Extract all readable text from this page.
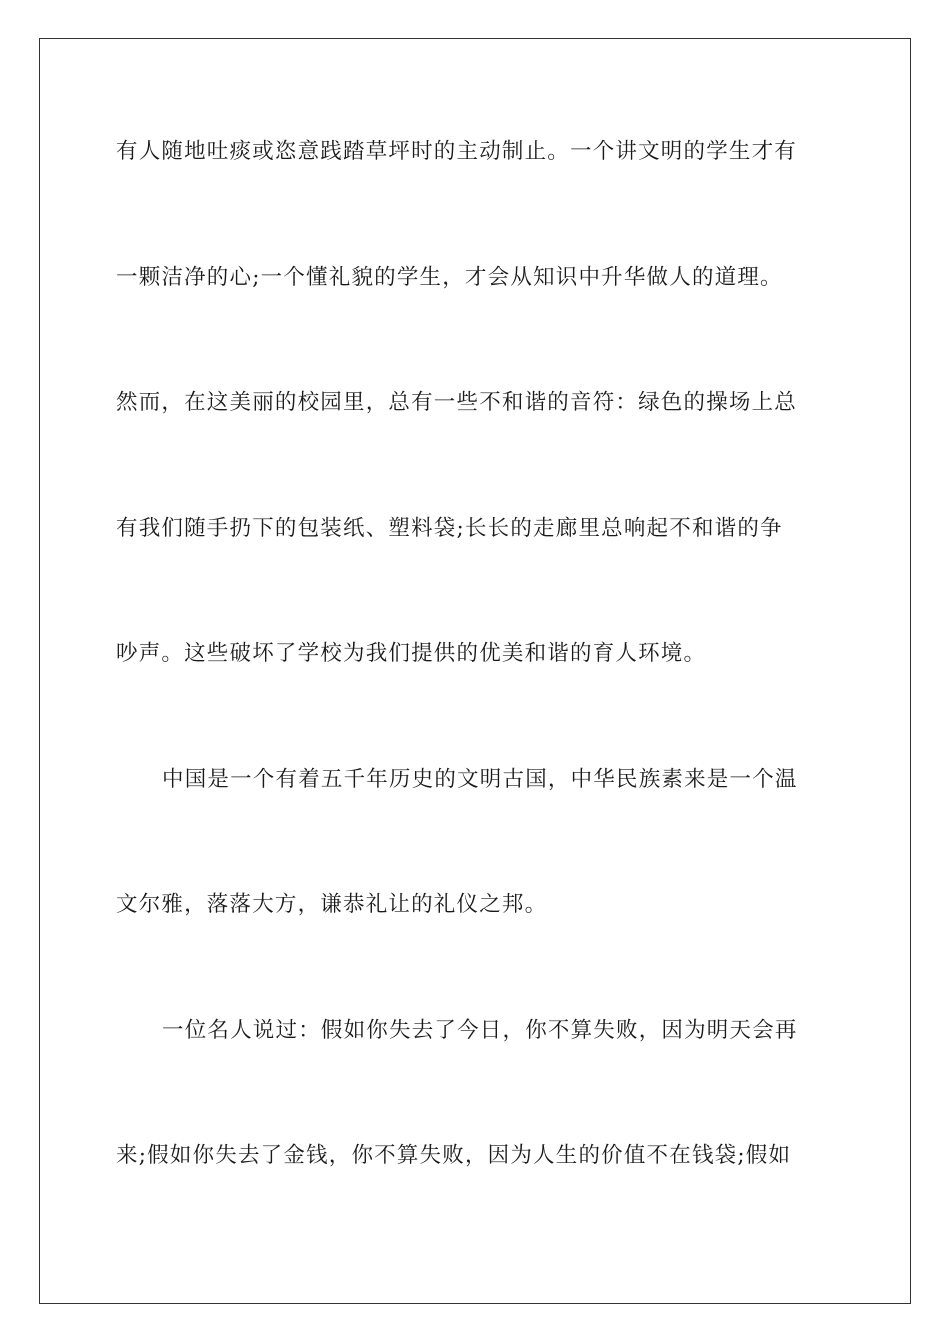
有人随地吐痰或恣意践踏草坪时的主动制止。一个讲文明的学生才有

一颗洁净的心;一个懂礼貌的学生，才会从知识中升华做人的道理。

然而，在这美丽的校园里，总有一些不和谐的音符：绿色的操场上总

有我们随手扔下的包装纸、塑料袋;长长的走廊里总响起不和谐的争

吵声。这些破坏了学校为我们提供的优美和谐的育人环境。

中国是一个有着五千年历史的文明古国，中华民族素来是一个温

文尔雅，落落大方，谦恭礼让的礼仪之邦。

一位名人说过：假如你失去了今日，你不算失败，因为明天会再

来;假如你失去了金钱，你不算失败，因为人生的价值不在钱袋;假如
